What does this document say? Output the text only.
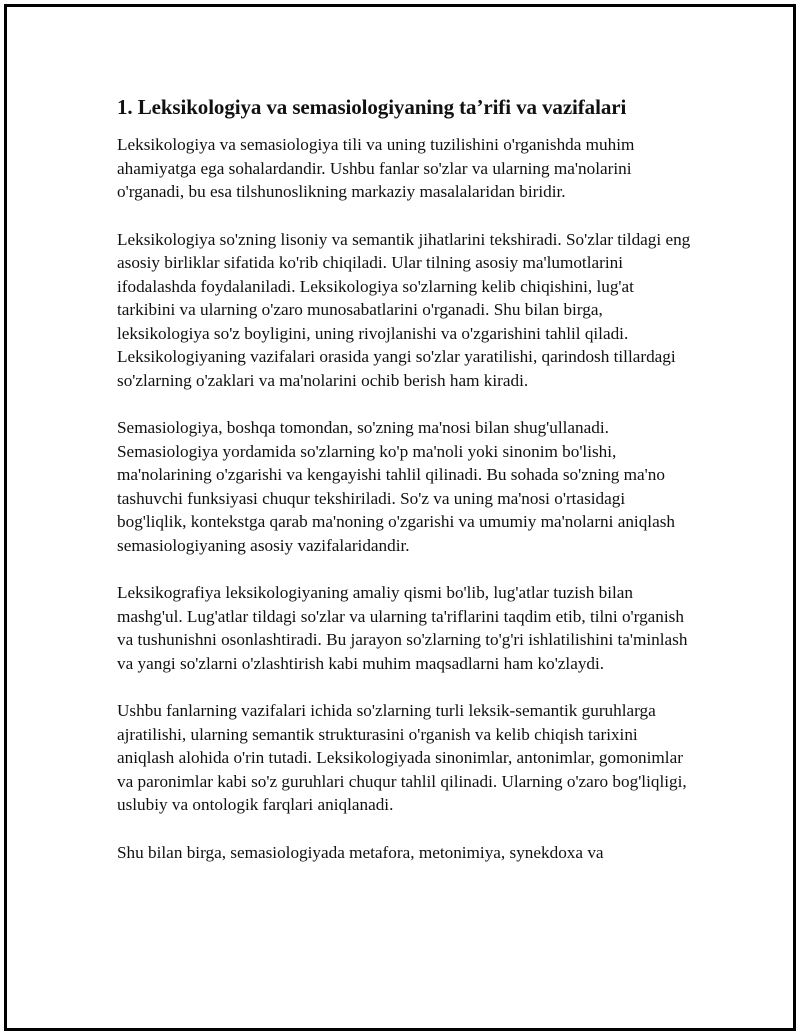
1. Leksikologiya va semasiologiyaning ta’rifi va vazifalari

Leksikologiya va semasiologiya tili va uning tuzilishini o'rganishda muhim ahamiyatga ega sohalardandir. Ushbu fanlar so'zlar va ularning ma'nolarini o'rganadi, bu esa tilshunoslikning markaziy masalalaridan biridir.

Leksikologiya so'zning lisoniy va semantik jihatlarini tekshiradi. So'zlar tildagi eng asosiy birliklar sifatida ko'rib chiqiladi. Ular tilning asosiy ma'lumotlarini ifodalashda foydalaniladi. Leksikologiya so'zlarning kelib chiqishini, lug'at tarkibini va ularning o'zaro munosabatlarini o'rganadi. Shu bilan birga, leksikologiya so'z boyligini, uning rivojlanishi va o'zgarishini tahlil qiladi. Leksikologiyaning vazifalari orasida yangi so'zlar yaratilishi, qarindosh tillardagi so'zlarning o'zaklari va ma'nolarini ochib berish ham kiradi.

Semasiologiya, boshqa tomondan, so'zning ma'nosi bilan shug'ullanadi. Semasiologiya yordamida so'zlarning ko'p ma'noli yoki sinonim bo'lishi, ma'nolarining o'zgarishi va kengayishi tahlil qilinadi. Bu sohada so'zning ma'no tashuvchi funksiyasi chuqur tekshiriladi. So'z va uning ma'nosi o'rtasidagi bog'liqlik, kontekstga qarab ma'noning o'zgarishi va umumiy ma'nolarni aniqlash semasiologiyaning asosiy vazifalaridandir.

Leksikografiya leksikologiyaning amaliy qismi bo'lib, lug'atlar tuzish bilan mashg'ul. Lug'atlar tildagi so'zlar va ularning ta'riflarini taqdim etib, tilni o'rganish va tushunishni osonlashtiradi. Bu jarayon so'zlarning to'g'ri ishlatilishini ta'minlash va yangi so'zlarni o'zlashtirish kabi muhim maqsadlarni ham ko'zlaydi.

Ushbu fanlarning vazifalari ichida so'zlarning turli leksik-semantik guruhlarga ajratilishi, ularning semantik strukturasini o'rganish va kelib chiqish tarixini aniqlash alohida o'rin tutadi. Leksikologiyada sinonimlar, antonimlar, gomonimlar va paronimlar kabi so'z guruhlari chuqur tahlil qilinadi. Ularning o'zaro bog'liqligi, uslubiy va ontologik farqlari aniqlanadi.

Shu bilan birga, semasiologiyada metafora, metonimiya, synekdoxa va
